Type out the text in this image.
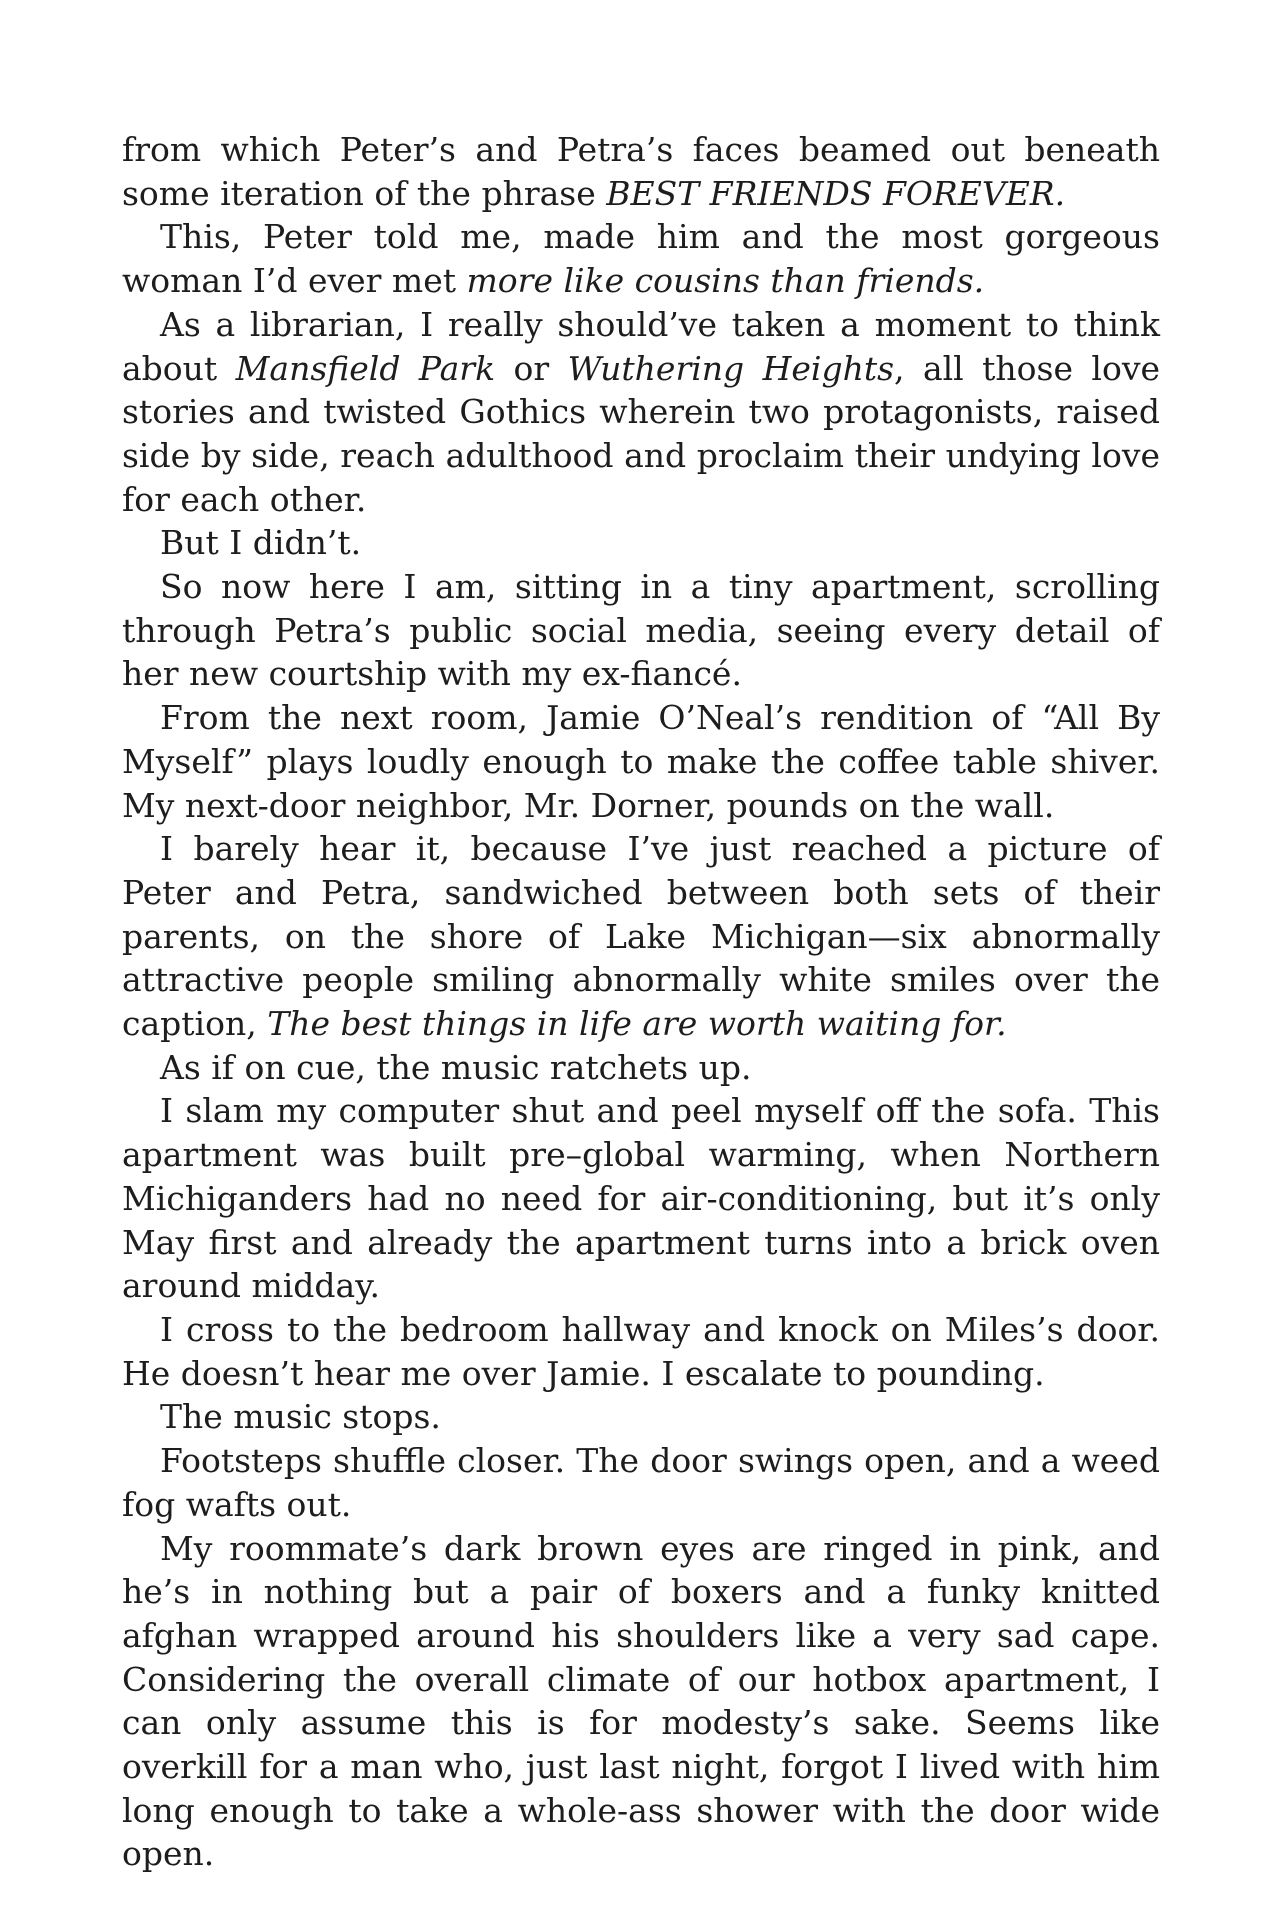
from which Peter’s and Petra’s faces beamed out beneath some iteration of the phrase BEST FRIENDS FOREVER.

This, Peter told me, made him and the most gorgeous woman I’d ever met more like cousins than friends.

As a librarian, I really should’ve taken a moment to think about Mansfield Park or Wuthering Heights, all those love stories and twisted Gothics wherein two protagonists, raised side by side, reach adulthood and proclaim their undying love for each other.

But I didn’t.

So now here I am, sitting in a tiny apartment, scrolling through Petra’s public social media, seeing every detail of her new courtship with my ex-fiancé.

From the next room, Jamie O’Neal’s rendition of “All By Myself” plays loudly enough to make the coffee table shiver. My next-door neighbor, Mr. Dorner, pounds on the wall.

I barely hear it, because I’ve just reached a picture of Peter and Petra, sandwiched between both sets of their parents, on the shore of Lake Michigan—six abnormally attractive people smiling abnormally white smiles over the caption, The best things in life are worth waiting for.

As if on cue, the music ratchets up.

I slam my computer shut and peel myself off the sofa. This apartment was built pre–global warming, when Northern Michiganders had no need for air-conditioning, but it’s only May first and already the apartment turns into a brick oven around midday.

I cross to the bedroom hallway and knock on Miles’s door. He doesn’t hear me over Jamie. I escalate to pounding.

The music stops.

Footsteps shuffle closer. The door swings open, and a weed fog wafts out.

My roommate’s dark brown eyes are ringed in pink, and he’s in nothing but a pair of boxers and a funky knitted afghan wrapped around his shoulders like a very sad cape. Considering the overall climate of our hotbox apartment, I can only assume this is for modesty’s sake. Seems like overkill for a man who, just last night, forgot I lived with him long enough to take a whole-ass shower with the door wide open.
